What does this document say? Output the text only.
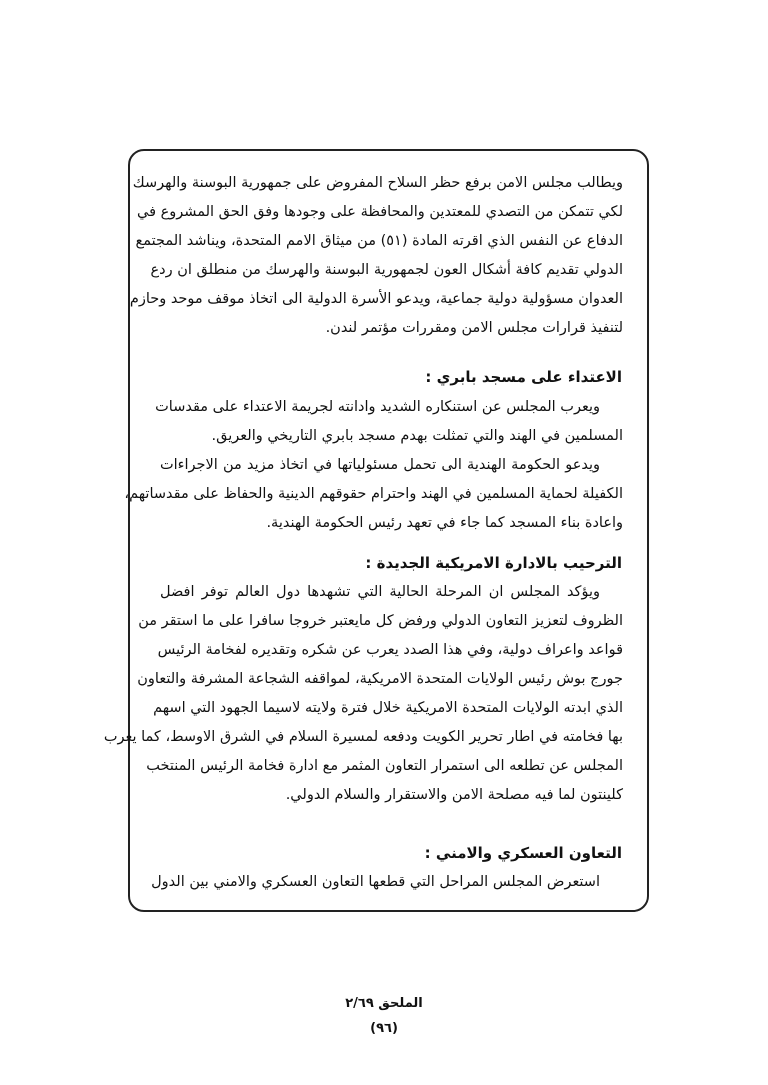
ويطالب مجلس الامن برفع حظر السلاح المفروض على جمهورية البوسنة والهرسك
لكي تتمكن من التصدي للمعتدين والمحافظة على وجودها وفق الحق المشروع في
الدفاع عن النفس الذي اقرته المادة (٥١) من ميثاق الامم المتحدة، ويناشد المجتمع
الدولي تقديم كافة أشكال العون لجمهورية البوسنة والهرسك من منطلق ان ردع
العدوان مسؤولية دولية جماعية، ويدعو الأسرة الدولية الى اتخاذ موقف موحد وحازم
لتنفيذ قرارات مجلس الامن ومقررات مؤتمر لندن.
الاعتداء على مسجد بابري :
ويعرب المجلس عن استنكاره الشديد وادانته لجريمة الاعتداء على مقدسات
المسلمين في الهند والتي تمثلت بهدم مسجد بابري التاريخي والعريق.
ويدعو الحكومة الهندية الى تحمل مسئولياتها في اتخاذ مزيد من الاجراءات
الكفيلة لحماية المسلمين في الهند واحترام حقوقهم الدينية والحفاظ على مقدساتهم،
واعادة بناء المسجد كما جاء في تعهد رئيس الحكومة الهندية.
الترحيب بالادارة الامريكية الجديدة :
ويؤكد المجلس ان المرحلة الحالية التي تشهدها دول العالم توفر افضل
الظروف لتعزيز التعاون الدولي ورفض كل مايعتبر خروجا سافرا على ما استقر من
قواعد واعراف دولية، وفي هذا الصدد يعرب عن شكره وتقديره لفخامة الرئيس
جورج بوش رئيس الولايات المتحدة الامريكية، لمواقفه الشجاعة المشرفة والتعاون
الذي ابدته الولايات المتحدة الامريكية خلال فترة ولايته لاسيما الجهود التي اسهم
بها فخامته في اطار تحرير الكويت ودفعه لمسيرة السلام في الشرق الاوسط، كما يعرب
المجلس عن تطلعه الى استمرار التعاون المثمر مع ادارة فخامة الرئيس المنتخب
كلينتون لما فيه مصلحة الامن والاستقرار والسلام الدولي.
التعاون العسكري والامني :
استعرض المجلس المراحل التي قطعها التعاون العسكري والامني بين الدول
الملحق ٢/٦٩
(٩٦)
